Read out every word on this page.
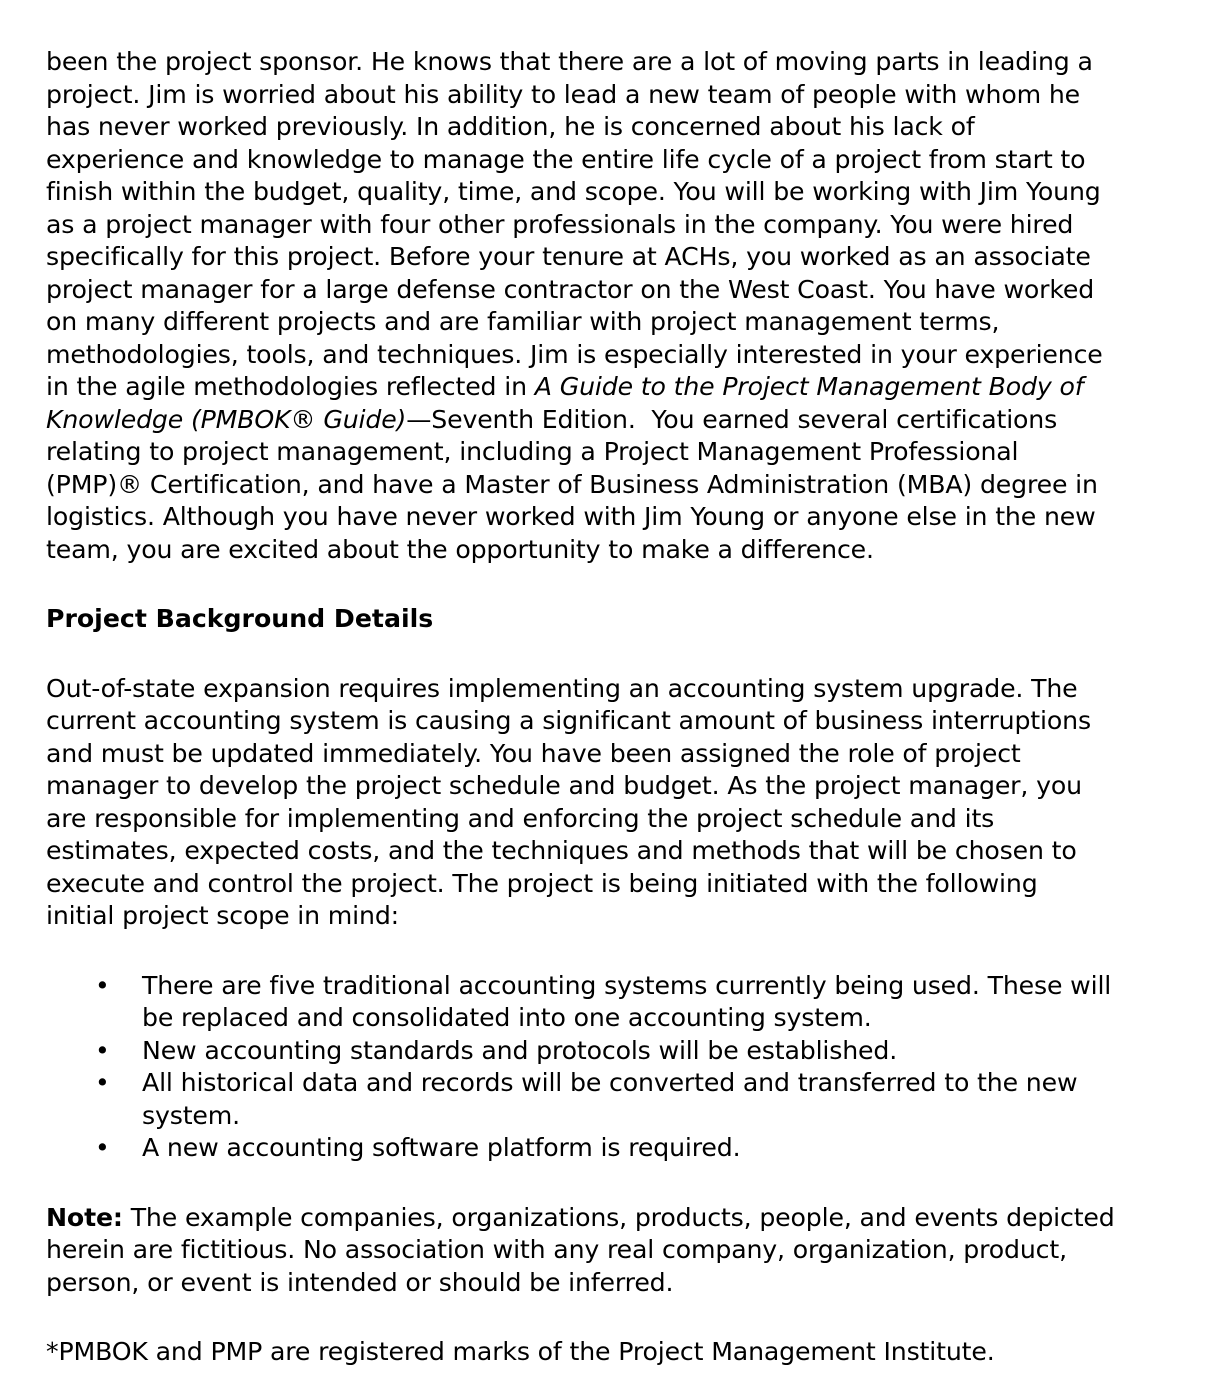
been the project sponsor. He knows that there are a lot of moving parts in leading a
project. Jim is worried about his ability to lead a new team of people with whom he
has never worked previously. In addition, he is concerned about his lack of
experience and knowledge to manage the entire life cycle of a project from start to
finish within the budget, quality, time, and scope. You will be working with Jim Young
as a project manager with four other professionals in the company. You were hired
specifically for this project. Before your tenure at ACHs, you worked as an associate
project manager for a large defense contractor on the West Coast. You have worked
on many different projects and are familiar with project management terms,
methodologies, tools, and techniques. Jim is especially interested in your experience
in the agile methodologies reflected in A Guide to the Project Management Body of
Knowledge (PMBOK® Guide)—Seventh Edition.  You earned several certifications
relating to project management, including a Project Management Professional
(PMP)® Certification, and have a Master of Business Administration (MBA) degree in
logistics. Although you have never worked with Jim Young or anyone else in the new
team, you are excited about the opportunity to make a difference.
Project Background Details
Out-of-state expansion requires implementing an accounting system upgrade. The
current accounting system is causing a significant amount of business interruptions
and must be updated immediately. You have been assigned the role of project
manager to develop the project schedule and budget. As the project manager, you
are responsible for implementing and enforcing the project schedule and its
estimates, expected costs, and the techniques and methods that will be chosen to
execute and control the project. The project is being initiated with the following
initial project scope in mind:
• There are five traditional accounting systems currently being used. These will
be replaced and consolidated into one accounting system.
• New accounting standards and protocols will be established.
• All historical data and records will be converted and transferred to the new
system.
• A new accounting software platform is required.
Note: The example companies, organizations, products, people, and events depicted
herein are fictitious. No association with any real company, organization, product,
person, or event is intended or should be inferred.
*PMBOK and PMP are registered marks of the Project Management Institute.
